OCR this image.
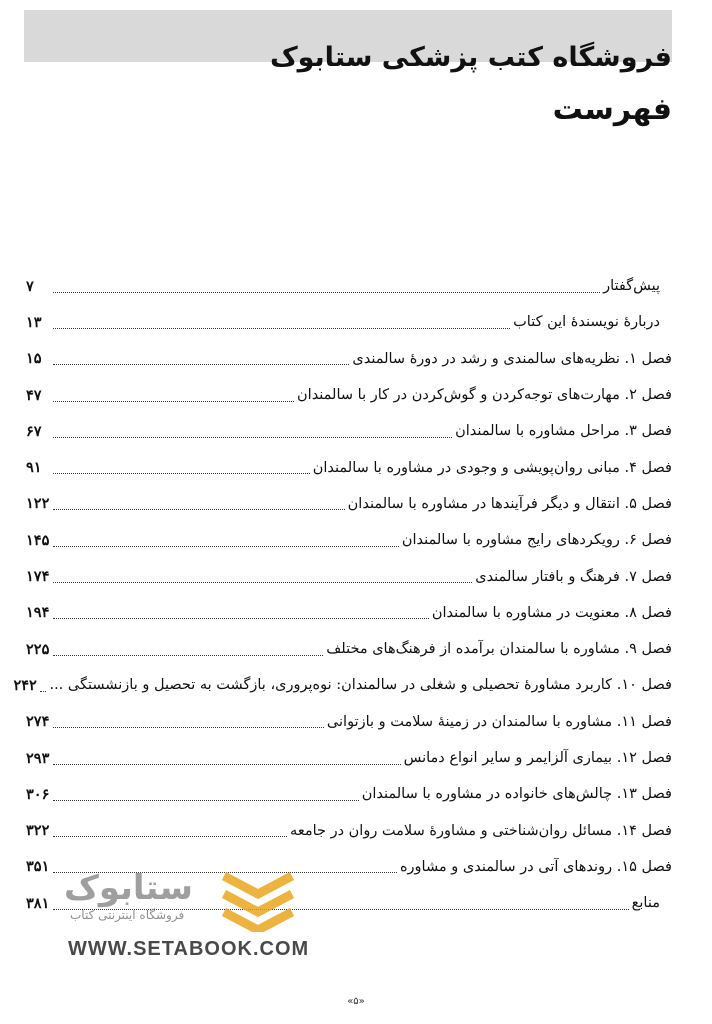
فروشگاه کتب پزشکی ستابوک
فهرست
پیش‌گفتار
۷
دربارۀ نویسندۀ این کتاب
۱۳
فصل ۱. نظریه‌های سالمندی و رشد در دورۀ سالمندی
۱۵
فصل ۲. مهارت‌های توجه‌کردن و گوش‌کردن در کار با سالمندان
۴۷
فصل ۳. مراحل مشاوره با سالمندان
۶۷
فصل ۴. مبانی روان‌پویشی و وجودی در مشاوره با سالمندان
۹۱
فصل ۵. انتقال و دیگر فرآیندها در مشاوره با سالمندان
۱۲۲
فصل ۶. رویکردهای رایج مشاوره با سالمندان
۱۴۵
فصل ۷. فرهنگ و بافتار سالمندی
۱۷۴
فصل ۸. معنویت در مشاوره با سالمندان
۱۹۴
فصل ۹. مشاوره با سالمندان برآمده از فرهنگ‌های مختلف
۲۲۵
فصل ۱۰. کاربرد مشاورۀ تحصیلی و شغلی در سالمندان: نوه‌پروری، بازگشت به تحصیل و بازنشستگی ...
۲۴۲
فصل ۱۱. مشاوره با سالمندان در زمینۀ سلامت و بازتوانی
۲۷۴
فصل ۱۲. بیماری آلزایمر و سایر انواع دمانس
۲۹۳
فصل ۱۳. چالش‌های خانواده در مشاوره با سالمندان
۳۰۶
فصل ۱۴. مسائل روان‌شناختی و مشاورۀ سلامت روان در جامعه
۳۲۲
فصل ۱۵. روندهای آتی در سالمندی و مشاوره
۳۵۱
منابع
۳۸۱ ستابوک
فروشگاه اینترنتی کتاب
WWW.SETABOOK.COM
«۵»
